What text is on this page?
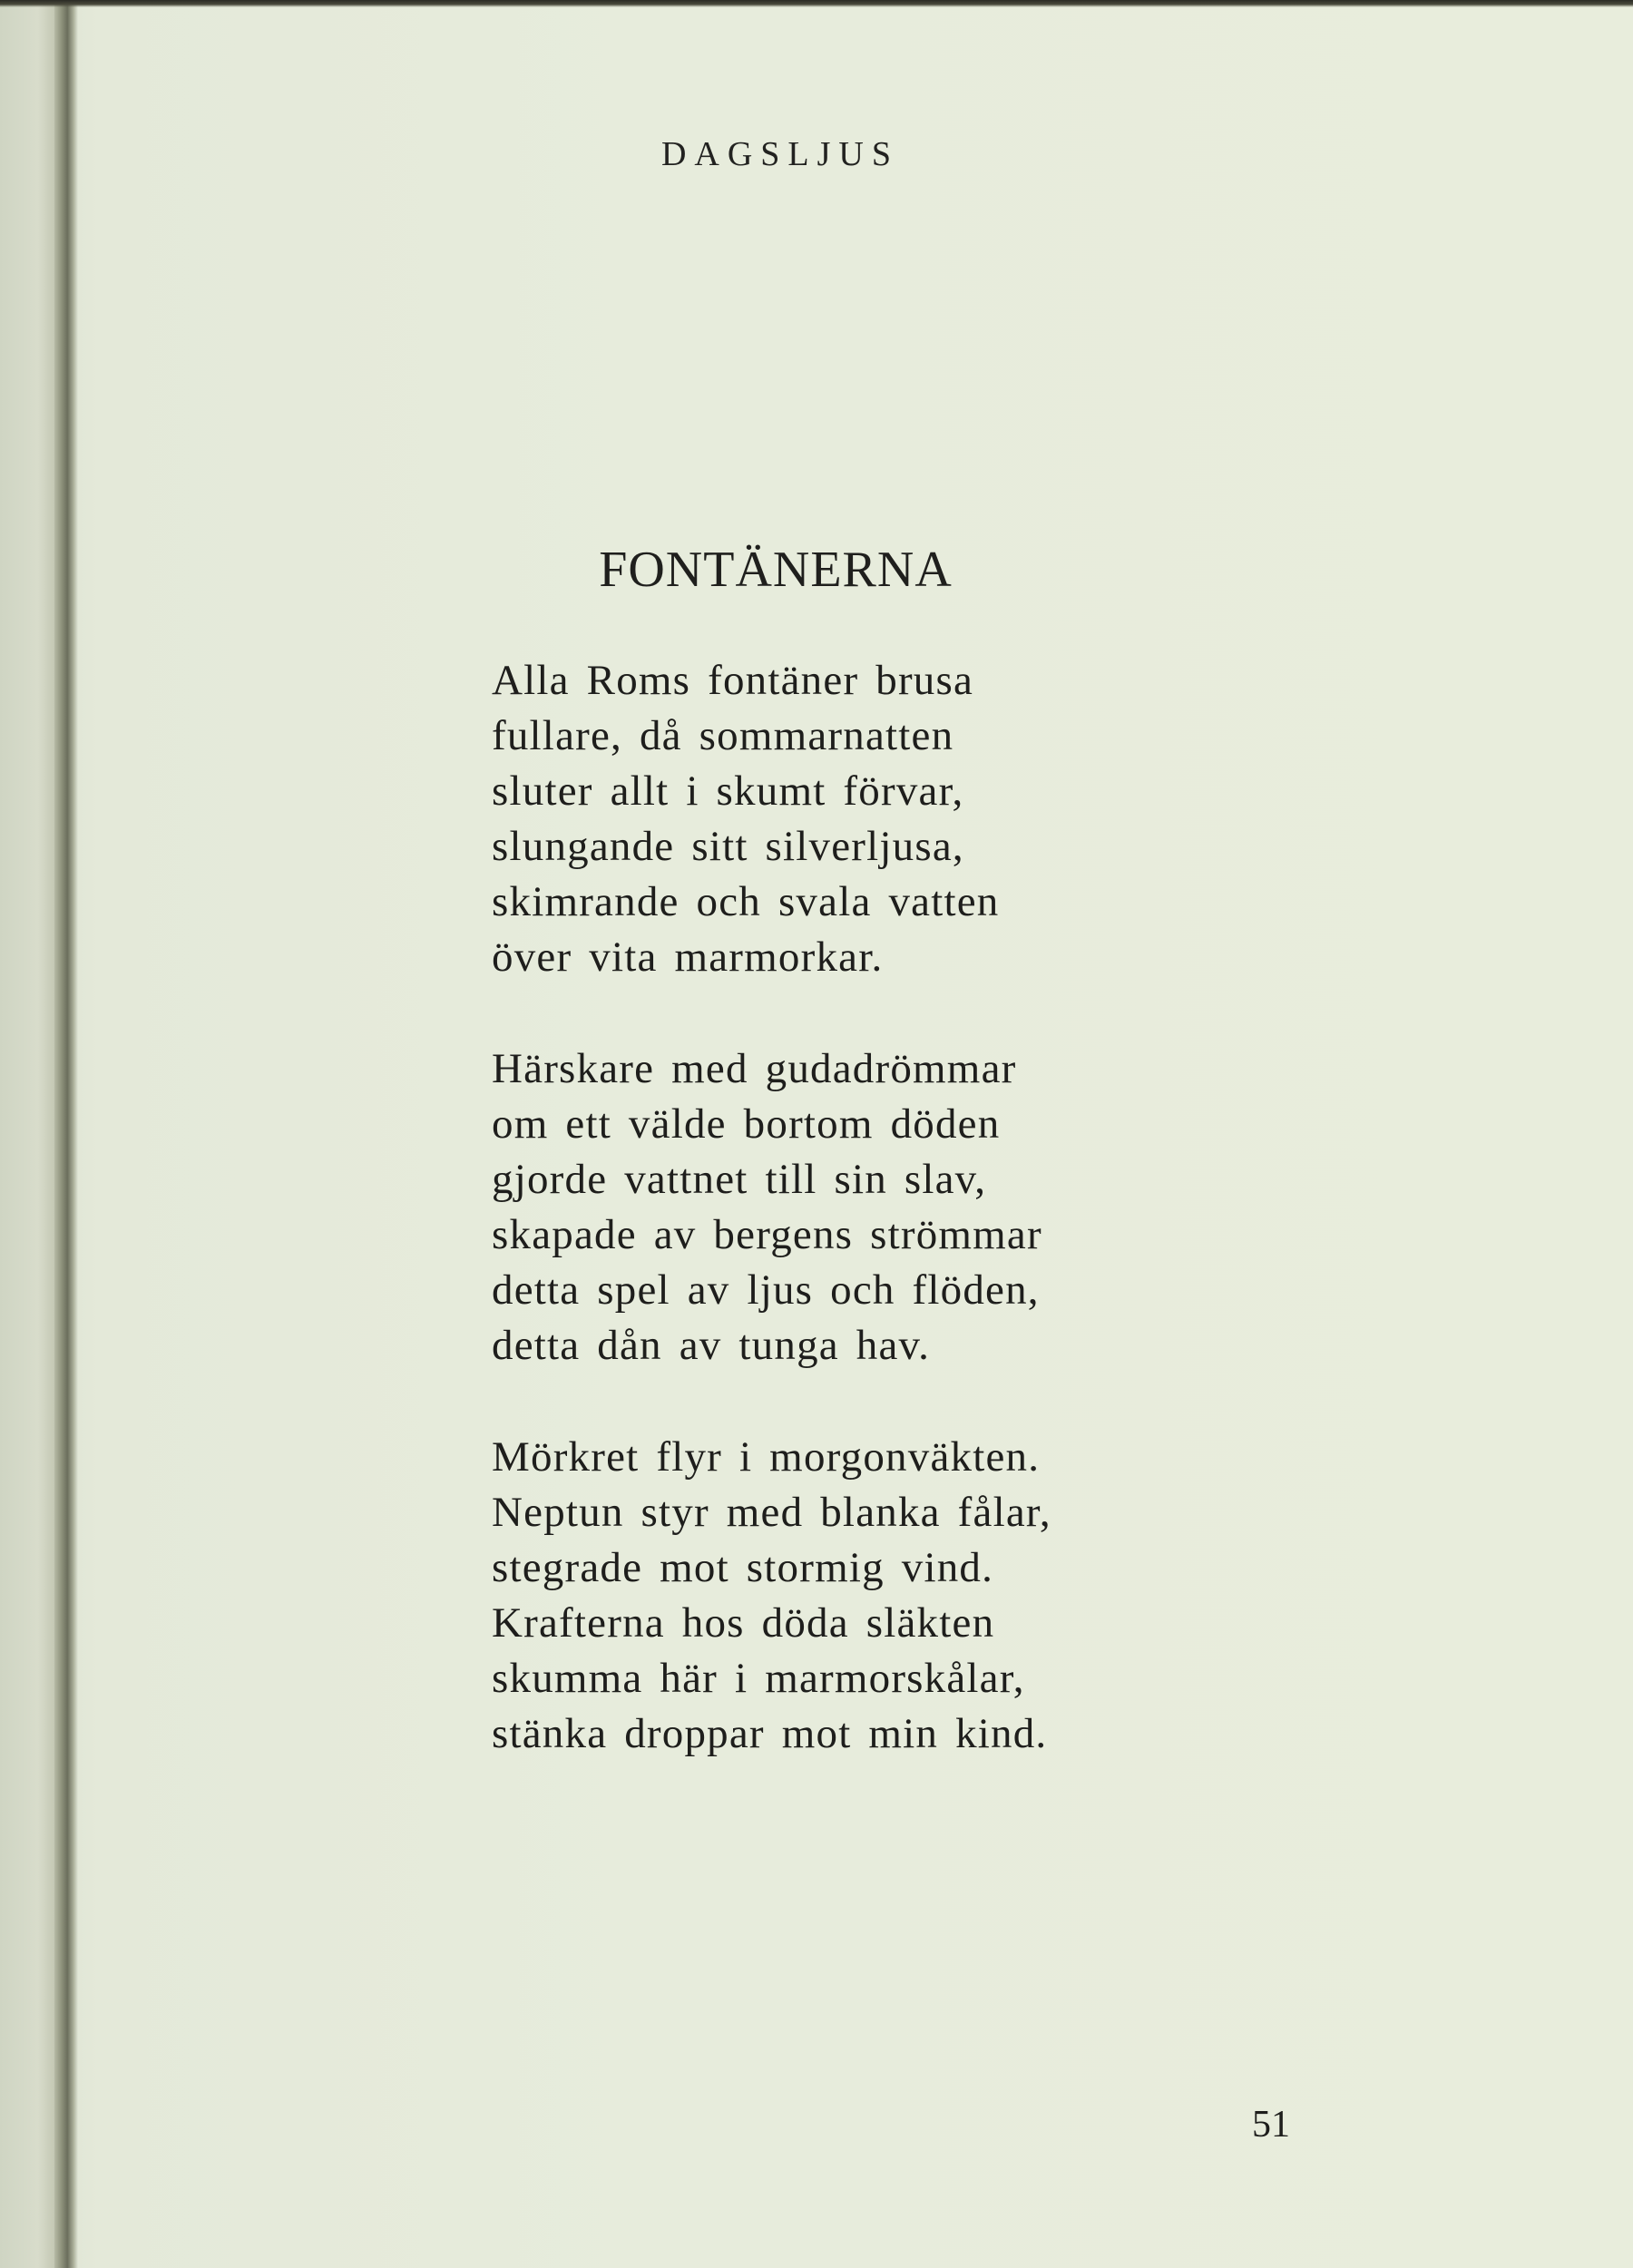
DAGSLJUS
FONTÄNERNA
Alla Roms fontäner brusa
fullare, då sommarnatten
sluter allt i skumt förvar,
slungande sitt silverljusa,
skimrande och svala vatten
över vita marmorkar.
Härskare med gudadrömmar
om ett välde bortom döden
gjorde vattnet till sin slav,
skapade av bergens strömmar
detta spel av ljus och flöden,
detta dån av tunga hav.
Mörkret flyr i morgonväkten.
Neptun styr med blanka fålar,
stegrade mot stormig vind.
Krafterna hos döda släkten
skumma här i marmorskålar,
stänka droppar mot min kind.
51
